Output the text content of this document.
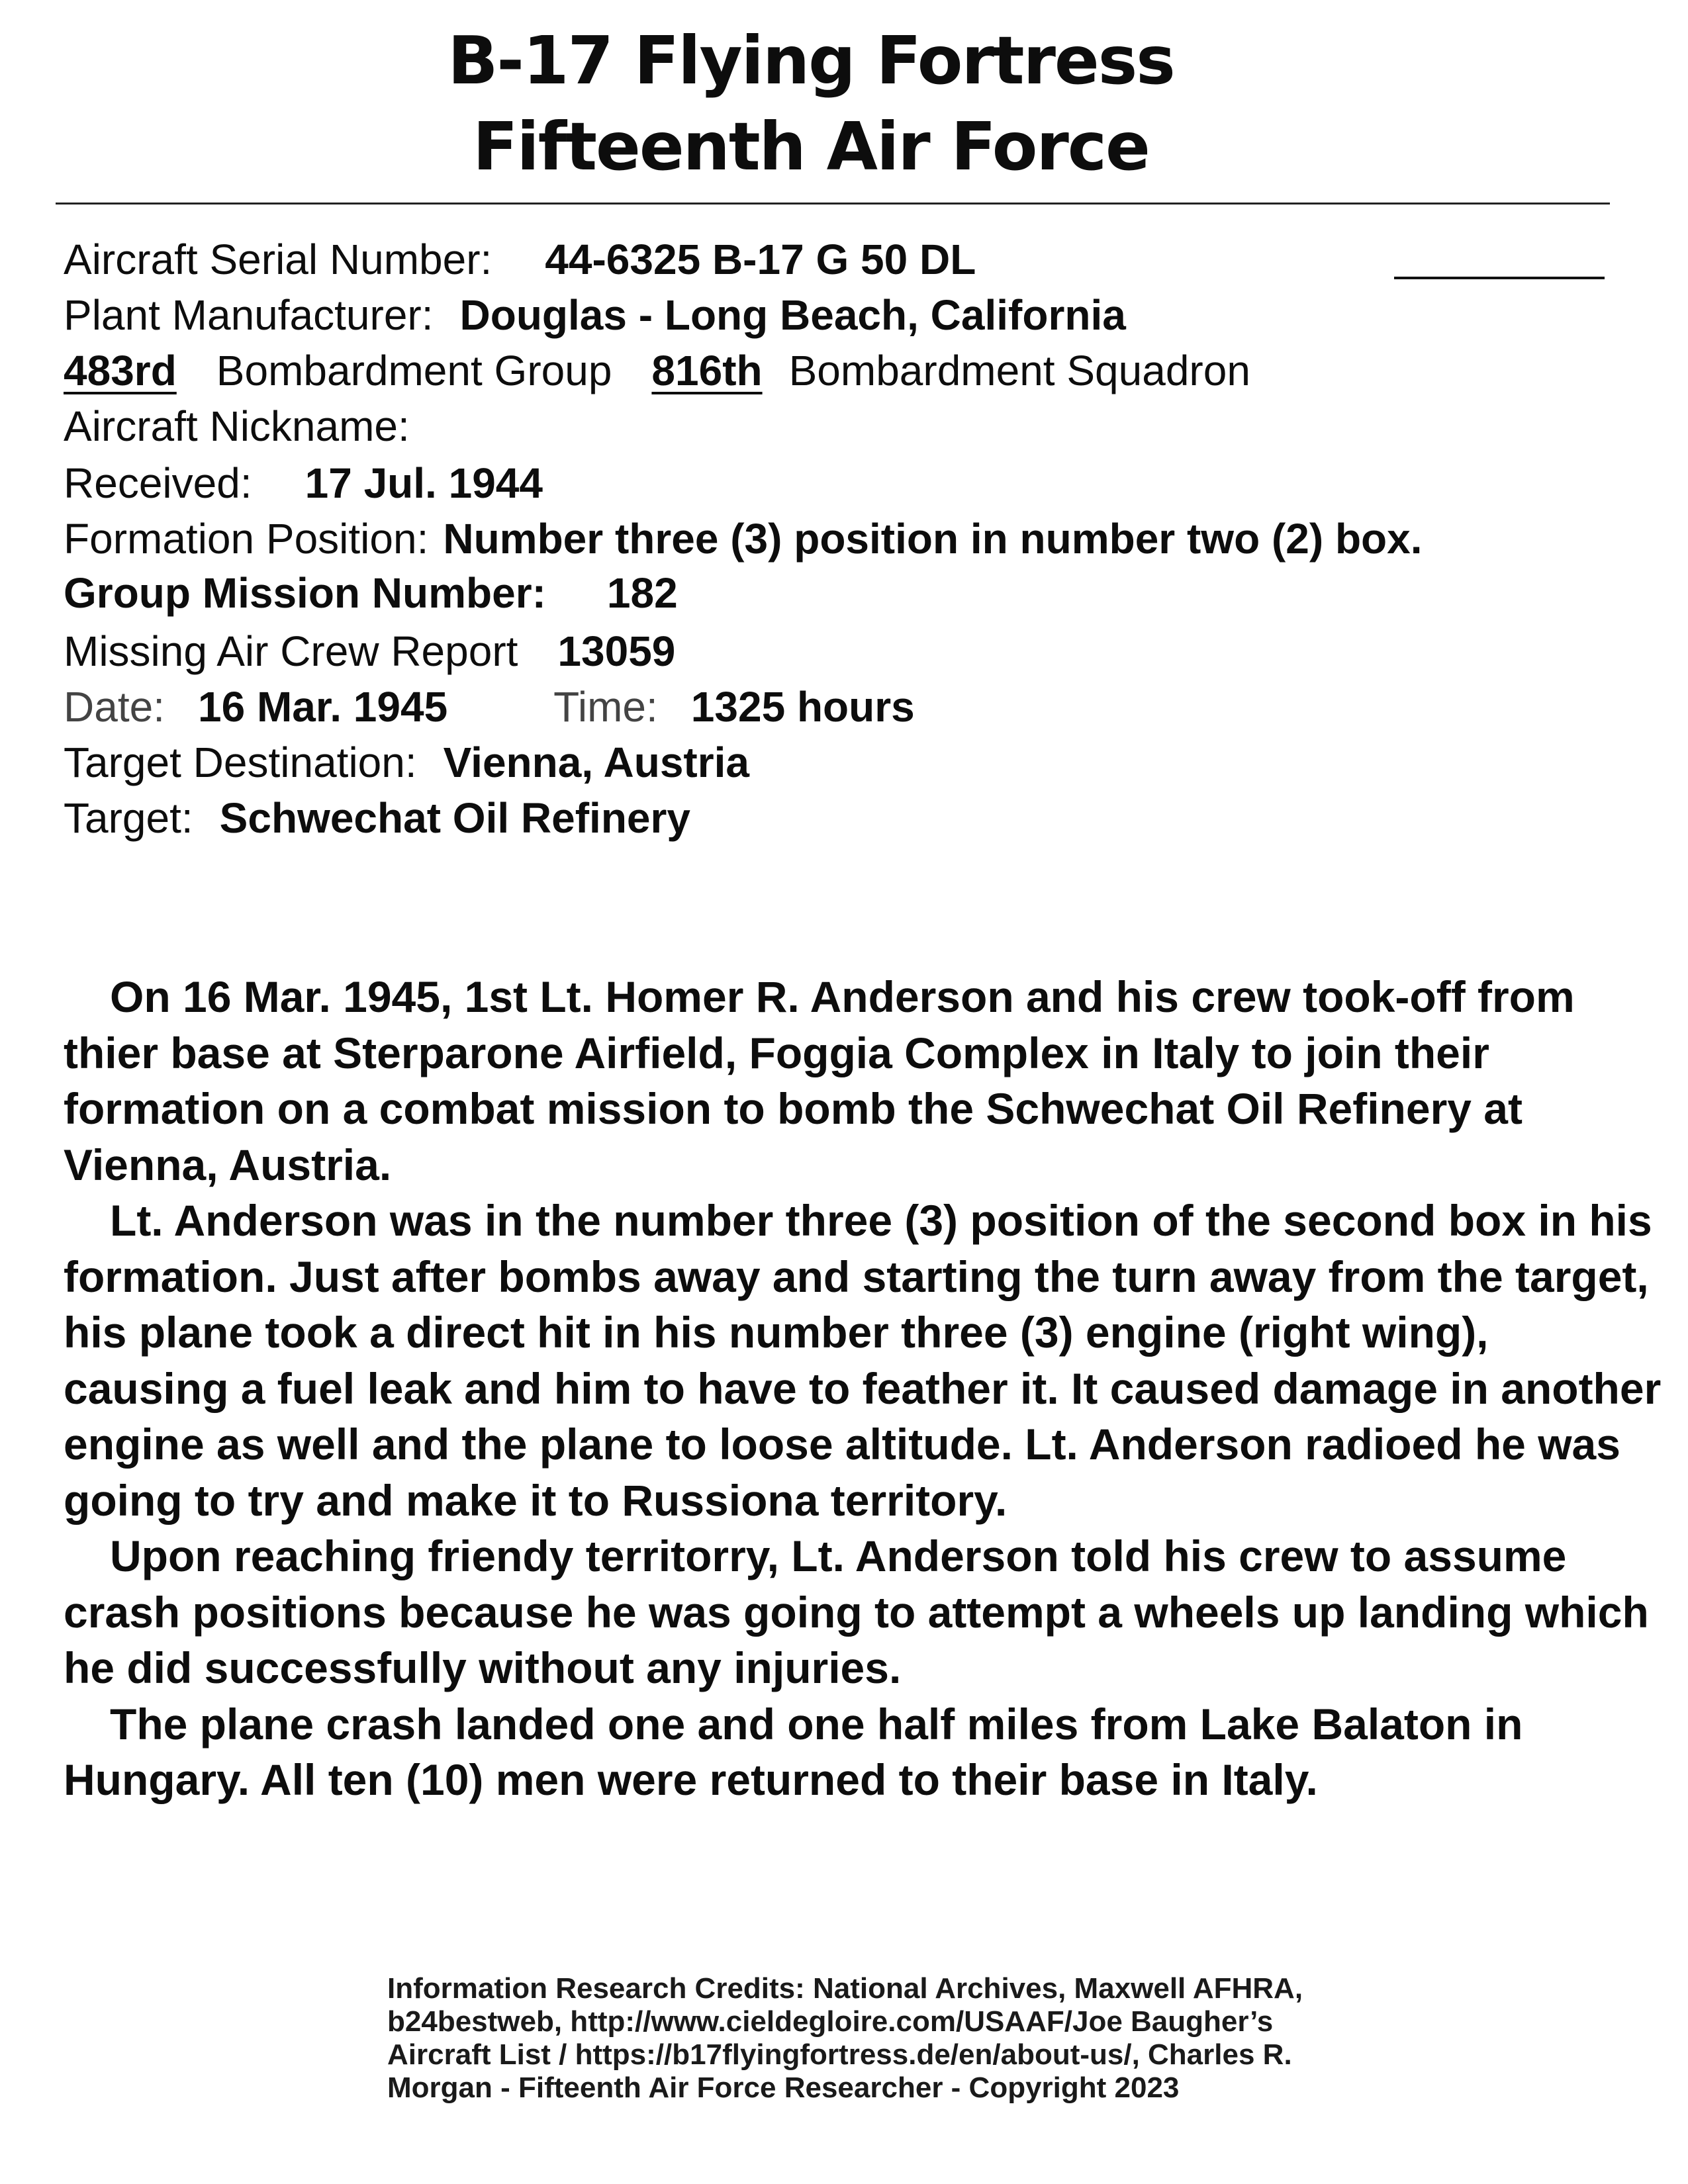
B-17 Flying Fortress
Fifteenth Air Force
Aircraft Serial Number: 44-6325 B-17 G 50 DL
Plant Manufacturer: Douglas - Long Beach, California
483rd Bombardment Group 816th Bombardment Squadron
Aircraft Nickname:
Received: 17 Jul. 1944
Formation Position: Number three (3) position in number two (2) box.
Group Mission Number: 182
Missing Air Crew Report 13059
Date: 16 Mar. 1945	Time: 1325 hours
Target Destination: Vienna, Austria
Target: Schwechat Oil Refinery

On 16 Mar. 1945, 1st Lt. Homer R. Anderson and his crew took-off from thier base at Sterparone Airfield, Foggia Complex in Italy to join their formation on a combat mission to bomb the Schwechat Oil Refinery at Vienna, Austria.

Lt. Anderson was in the number three (3) position of the second box in his formation. Just after bombs away and starting the turn away from the target, his plane took a direct hit in his number three (3) engine (right wing), causing a fuel leak and him to have to feather it. It caused damage in another engine as well and the plane to loose altitude. Lt. Anderson radioed he was going to try and make it to Russiona territory.

Upon reaching friendy territorry, Lt. Anderson told his crew to assume crash positions because he was going to attempt a wheels up landing which he did successfully without any injuries.

The plane crash landed one and one half miles from Lake Balaton in Hungary. All ten (10) men were returned to their base in Italy.

Information Research Credits: National Archives, Maxwell AFHRA, b24bestweb, http://www.cieldegloire.com/USAAF/Joe Baugher’s Aircraft List / https://b17flyingfortress.de/en/about-us/, Charles R. Morgan - Fifteenth Air Force Researcher - Copyright 2023
